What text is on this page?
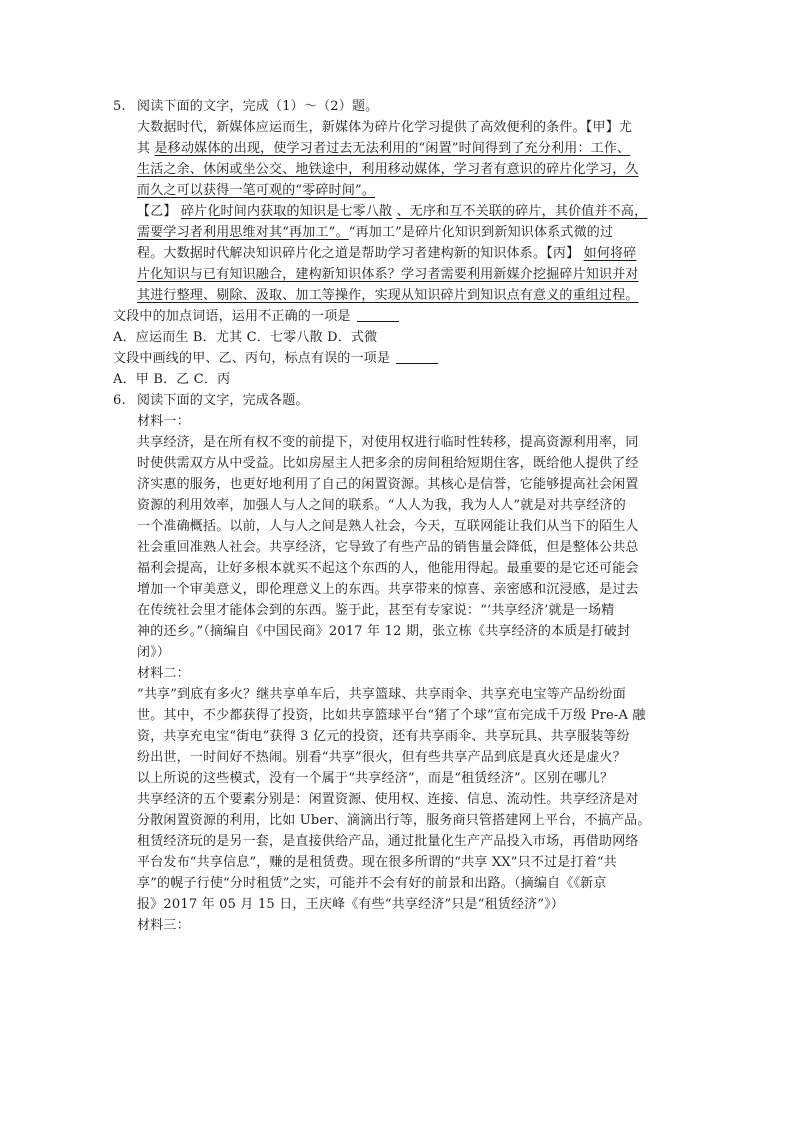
5. 阅读下面的文字，完成（1）～（2）题。
大数据时代，新媒体应运而生，新媒体为碎片化学习提供了高效便利的条件。【甲】尤
其 是移动媒体的出现，使学习者过去无法利用的“闲置”时间得到了充分利用：工作、
生活之余、休闲或坐公交、地铁途中，利用移动媒体，学习者有意识的碎片化学习，久
而久之可以获得一笔可观的“零碎时间”。
【乙】 碎片化时间内获取的知识是七零八散 、无序和互不关联的碎片，其价值并不高，
需要学习者利用思维对其“再加工”。“再加工”是碎片化知识到新知识体系式微的过
程。大数据时代解决知识碎片化之道是帮助学习者建构新的知识体系。【丙】 如何将碎
片化知识与已有知识融合，建构新知识体系？学习者需要利用新媒介挖掘碎片知识并对
其进行整理、剔除、汲取、加工等操作，实现从知识碎片到知识点有意义的重组过程。
文段中的加点词语，运用不正确的一项是
A．应运而生 B．尤其 C．七零八散 D．式微
文段中画线的甲、乙、丙句，标点有误的一项是
A．甲 B．乙 C．丙
6. 阅读下面的文字，完成各题。
材料一：
共享经济，是在所有权不变的前提下，对使用权进行临时性转移，提高资源利用率，同
时使供需双方从中受益。比如房屋主人把多余的房间租给短期住客，既给他人提供了经
济实惠的服务，也更好地利用了自己的闲置资源。其核心是信誉，它能够提高社会闲置
资源的利用效率，加强人与人之间的联系。“人人为我，我为人人”就是对共享经济的
一个准确概括。以前，人与人之间是熟人社会，今天，互联网能让我们从当下的陌生人
社会重回准熟人社会。共享经济，它导致了有些产品的销售量会降低，但是整体公共总
福利会提高，让好多根本就买不起这个东西的人，他能用得起。最重要的是它还可能会
增加一个审美意义，即伦理意义上的东西。共享带来的惊喜、亲密感和沉浸感，是过去
在传统社会里才能体会到的东西。鉴于此，甚至有专家说：“‘共享经济’就是一场精
神的还乡。”（摘编自《中国民商》2017 年 12 期，张立栋《共享经济的本质是打破封
闭》）
材料二：
“共享”到底有多火？继共享单车后，共享篮球、共享雨伞、共享充电宝等产品纷纷面
世。其中，不少都获得了投资，比如共享篮球平台“猪了个球”宣布完成千万级 Pre-A 融
资，共享充电宝“街电”获得 3 亿元的投资，还有共享雨伞、共享玩具、共享服装等纷
纷出世，一时间好不热闹。别看“共享”很火，但有些共享产品到底是真火还是虚火？
以上所说的这些模式，没有一个属于“共享经济”，而是“租赁经济”。区别在哪儿？
共享经济的五个要素分别是：闲置资源、使用权、连接、信息、流动性。共享经济是对
分散闲置资源的利用，比如 Uber、滴滴出行等，服务商只管搭建网上平台，不搞产品。
租赁经济玩的是另一套，是直接供给产品，通过批量化生产产品投入市场，再借助网络
平台发布“共享信息”，赚的是租赁费。现在很多所谓的“共享 XX”只不过是打着“共
享”的幌子行使“分时租赁”之实，可能并不会有好的前景和出路。（摘编自《《新京
报》2017 年 05 月 15 日，王庆峰《有些“共享经济”只是“租赁经济”》）
材料三：
